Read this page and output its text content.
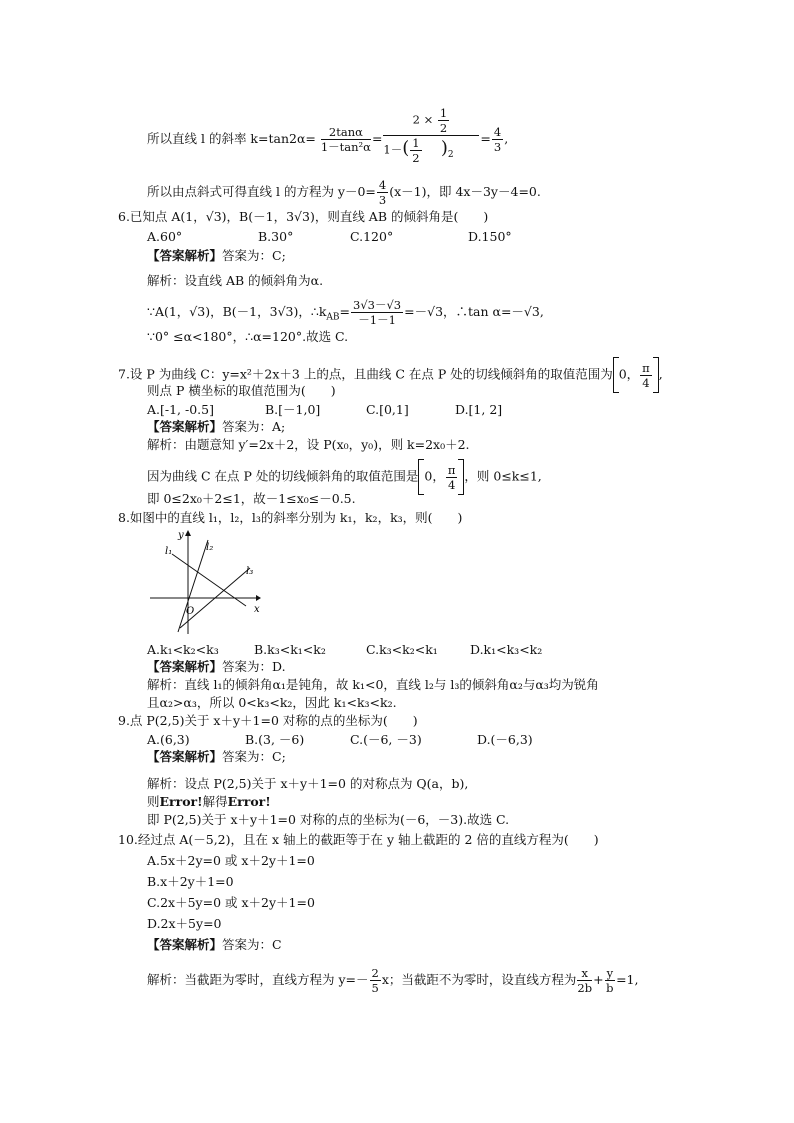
所以直线 l 的斜率 $k=\tan 2\alpha= \frac{2\tan\alpha}{\text{1－tan²α}} = \frac{2 \times \frac{1}{2}}{1-( \frac{1}{2} )_2} = \frac{4}{3}$ ,
所以由点斜式可得直线 l 的方程为 $y-0= \frac{4}{3} (x-1)$，即 4x－3y－4=0.
6.已知点 A(1，√3)，B(－1，3√3)，则直线 AB 的倾斜角是(　　)
A.60°	B.30°	C.120°	D.150°
【答案解析】答案为：C;
解析：设直线 AB 的倾斜角为α.
∵A(1，√3)，B(－1，3√3)，$\therefore k_{AB}= \frac{3√3-√3}{-1-1} =-√3$，∴tan α=－√3,
∵0° ≤α<180°，∴α=120°.故选 C.
7.设 P 为曲线 C：y=x²＋2x＋3 上的点，且曲线 C 在点 P 处的切线倾斜角的取值范围为 0， $\frac{\pi}{4}$ ,
则点 P 横坐标的取值范围为(　　)
A.[-1, -0.5]	B.[－1,0]	C.[0,1]	D.[1, 2]
【答案解析】答案为：A;
解析：由题意知 y′=2x＋2，设 P(x₀，y₀)，则 k=2x₀＋2.
因为曲线 C 在点 P 处的切线倾斜角的取值范围是 0， $\frac{\pi}{4}$ ，则 0≤k≤1,
即 0≤2x₀＋2≤1，故－1≤x₀≤－0.5.
8.如图中的直线 l₁，l₂，l₃的斜率分别为 k₁，k₂，k₃，则(　　)
y
x
O
l₁	l₂
l₃
A.k₁<k₂<k₃	B.k₃<k₁<k₂	C.k₃<k₂<k₁	D.k₁<k₃<k₂
【答案解析】答案为：D.
解析：直线 l₁的倾斜角α₁是钝角，故 k₁<0，直线 l₂与 l₃的倾斜角α₂与α₃均为锐角
且α₂>α₃，所以 0<k₃<k₂，因此 k₁<k₃<k₂.
9.点 P(2,5)关于 x＋y＋1=0 对称的点的坐标为(　　)
A.(6,3)	B.(3, －6)	C.(－6, －3)	D.(－6,3)
【答案解析】答案为：C;
解析：设点 P(2,5)关于 x＋y＋1=0 的对称点为 Q(a，b),
则Error!解得Error!
即 P(2,5)关于 x＋y＋1=0 对称的点的坐标为(－6，－3).故选 C.
10.经过点 A(－5,2)，且在 x 轴上的截距等于在 y 轴上截距的 2 倍的直线方程为(　　)
A.5x＋2y=0 或 x＋2y＋1=0
B.x＋2y＋1=0
C.2x＋5y=0 或 x＋2y＋1=0
D.2x＋5y=0
【答案解析】答案为：C
解析：当截距为零时，直线方程为 $y=- \frac{2}{5}$ x；当截距不为零时，设直线方程为 $\frac{x}{2b} + \frac{y}{b} =1$,
